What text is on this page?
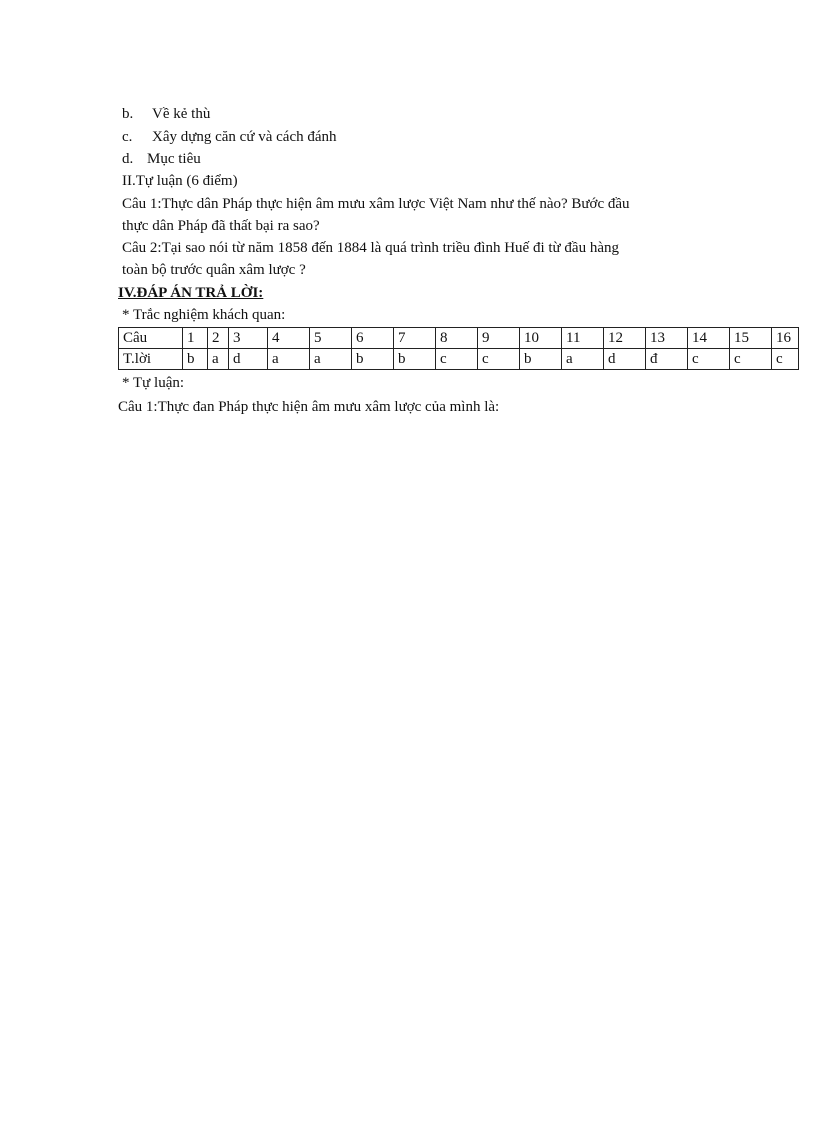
b. Về kẻ thù
c. Xây dựng căn cứ và cách đánh
d. Mục tiêu
II.Tự luận (6 điểm)
Câu 1:Thực dân Pháp thực hiện âm mưu xâm lược Việt Nam như thế nào? Bước đầu
thực dân Pháp đã thất bại ra sao?
Câu 2:Tại sao nói từ năm 1858 đến 1884 là quá trình triều đình Huế đi từ đầu hàng
toàn bộ trước quân xâm lược ?
IV.ĐÁP ÁN TRẢ LỜI:
* Trắc nghiệm khách quan:
Câu	1	2	3	4	5	6	7	8	9	10	11	12	13	14	15	16
T.lời	b	a	d	a	a	b	b	c	c	b	a	d	đ	c	c	c
* Tự luận:
Câu 1:Thực đan Pháp thực hiện âm mưu xâm lược của mình là:
